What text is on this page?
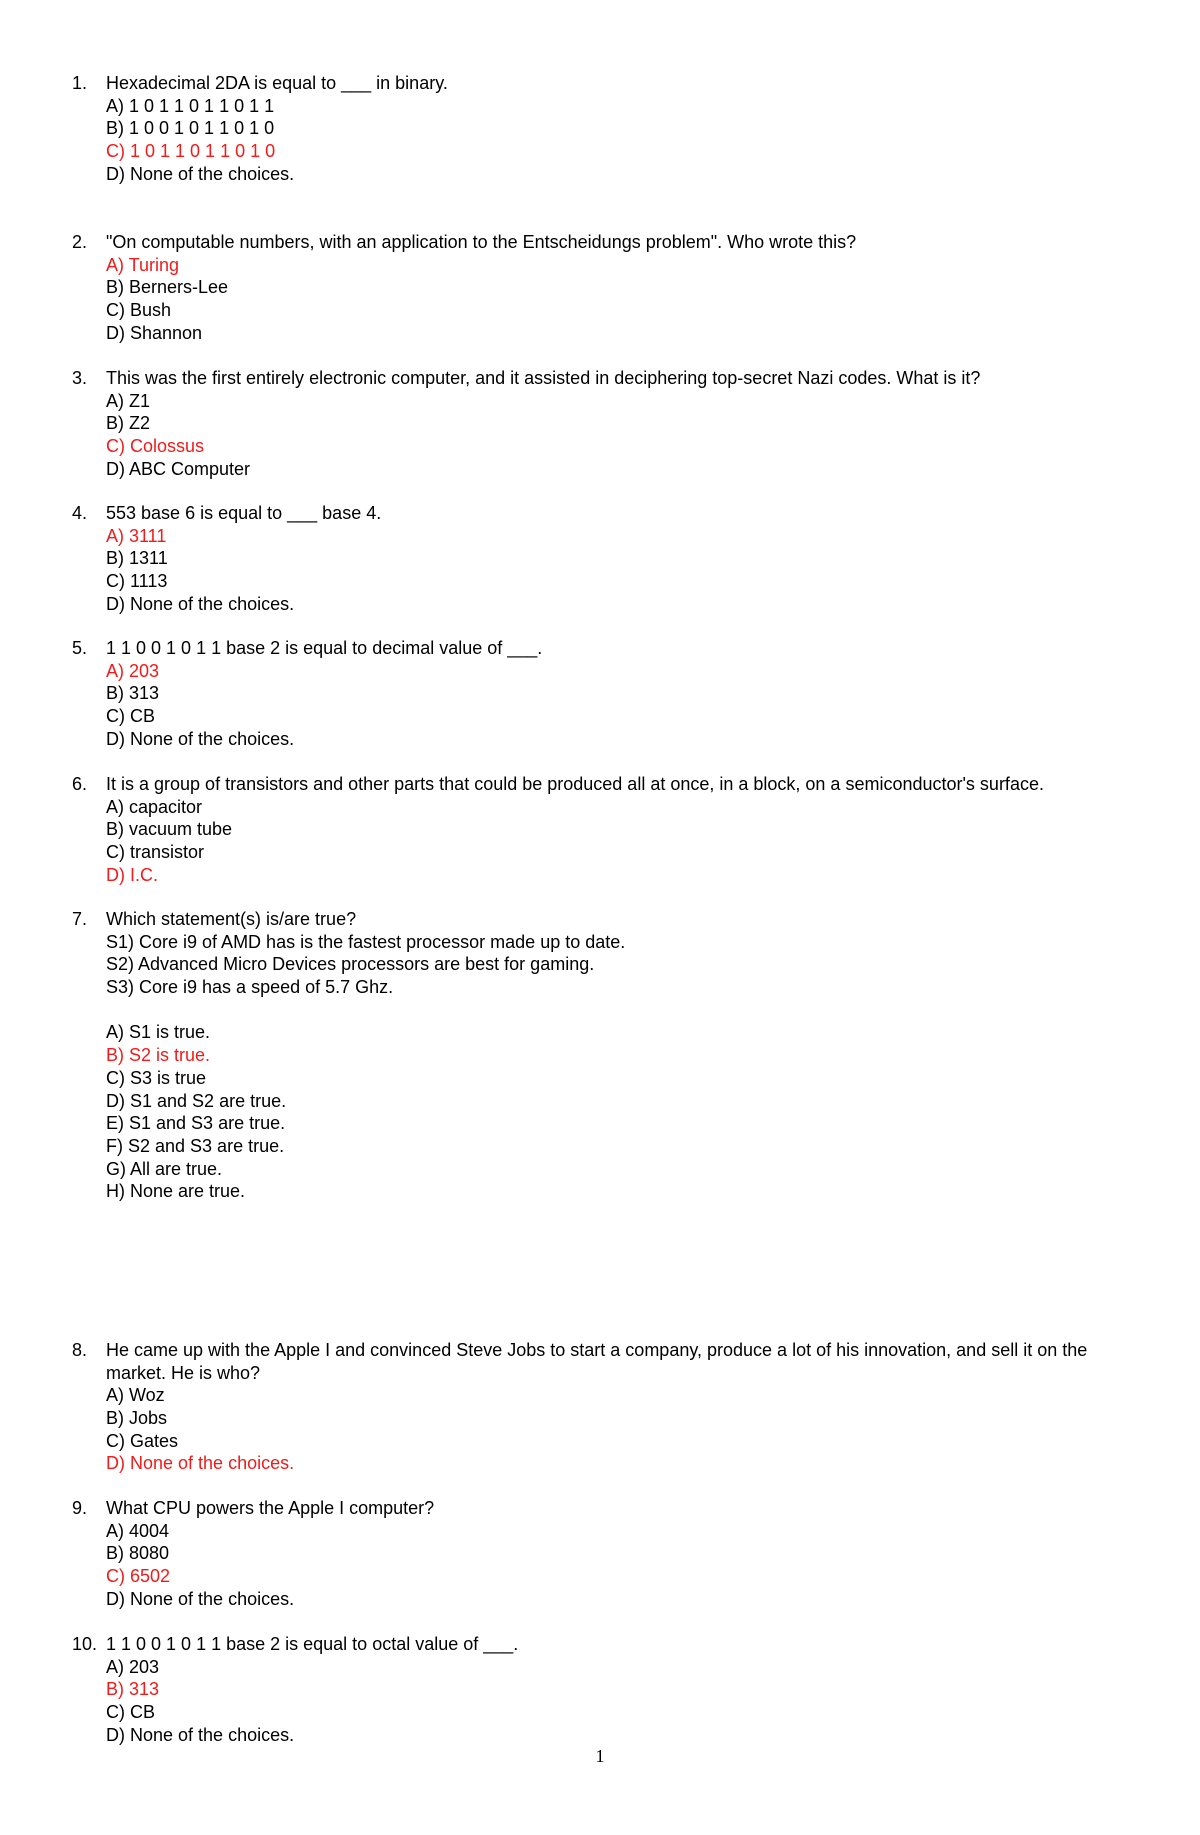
1.	Hexadecimal 2DA is equal to ___ in binary.
A) 1 0 1 1 0 1 1 0 1 1
B) 1 0 0 1 0 1 1 0 1 0
C) 1 0 1 1 0 1 1 0 1 0
D) None of the choices.
2.	"On computable numbers, with an application to the Entscheidungs problem". Who wrote this?
A) Turing
B) Berners-Lee
C) Bush
D) Shannon
3.	This was the first entirely electronic computer, and it assisted in deciphering top-secret Nazi codes. What is it?
A) Z1
B) Z2
C) Colossus
D) ABC Computer
4.	553 base 6 is equal to ___ base 4.
A) 3111
B) 1311
C) 1113
D) None of the choices.
5.	1 1 0 0 1 0 1 1 base 2 is equal to decimal value of ___.
A) 203
B) 313
C) CB
D) None of the choices.
6.	It is a group of transistors and other parts that could be produced all at once, in a block, on a semiconductor's surface.
A) capacitor
B) vacuum tube
C) transistor
D) I.C.
7.	Which statement(s) is/are true?
S1) Core i9 of AMD has is the fastest processor made up to date.
S2) Advanced Micro Devices processors are best for gaming.
S3) Core i9 has a speed of 5.7 Ghz.
A) S1 is true.
B) S2 is true.
C) S3 is true
D) S1 and S2 are true.
E) S1 and S3 are true.
F) S2 and S3 are true.
G) All are true.
H) None are true.
8.	He came up with the Apple I and convinced Steve Jobs to start a company, produce a lot of his innovation, and sell it on the market. He is who?
A) Woz
B) Jobs
C) Gates
D) None of the choices.
9.	What CPU powers the Apple I computer?
A) 4004
B) 8080
C) 6502
D) None of the choices.
10. 1 1 0 0 1 0 1 1 base 2 is equal to octal value of ___.
A) 203
B) 313
C) CB
D) None of the choices.
1
